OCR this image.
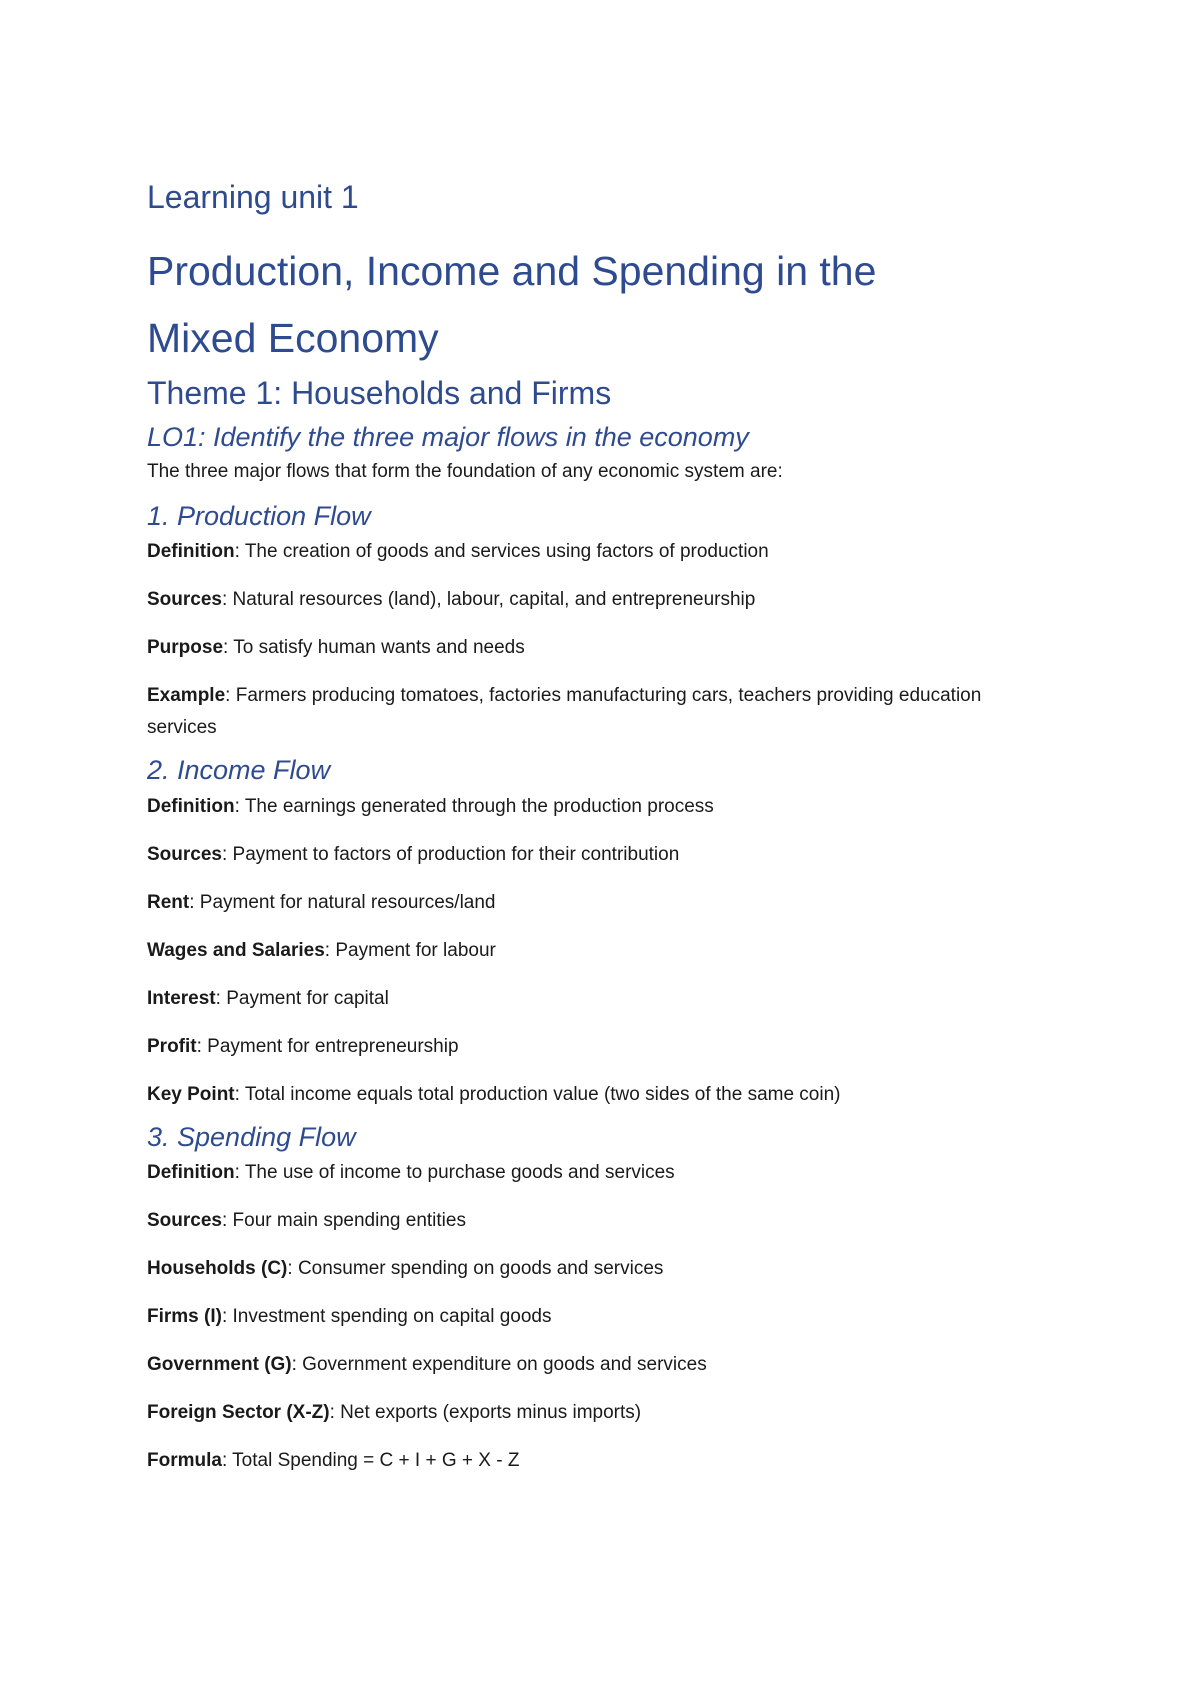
Learning unit 1
Production, Income and Spending in the
Mixed Economy
Theme 1: Households and Firms
LO1: Identify the three major flows in the economy

The three major flows that form the foundation of any economic system are:

1. Production Flow

Definition: The creation of goods and services using factors of production

Sources: Natural resources (land), labour, capital, and entrepreneurship

Purpose: To satisfy human wants and needs

Example: Farmers producing tomatoes, factories manufacturing cars, teachers providing education services

2. Income Flow

Definition: The earnings generated through the production process

Sources: Payment to factors of production for their contribution

Rent: Payment for natural resources/land

Wages and Salaries: Payment for labour

Interest: Payment for capital

Profit: Payment for entrepreneurship

Key Point: Total income equals total production value (two sides of the same coin)

3. Spending Flow

Definition: The use of income to purchase goods and services

Sources: Four main spending entities

Households (C): Consumer spending on goods and services

Firms (I): Investment spending on capital goods

Government (G): Government expenditure on goods and services

Foreign Sector (X-Z): Net exports (exports minus imports)

Formula: Total Spending = C + I + G + X - Z
